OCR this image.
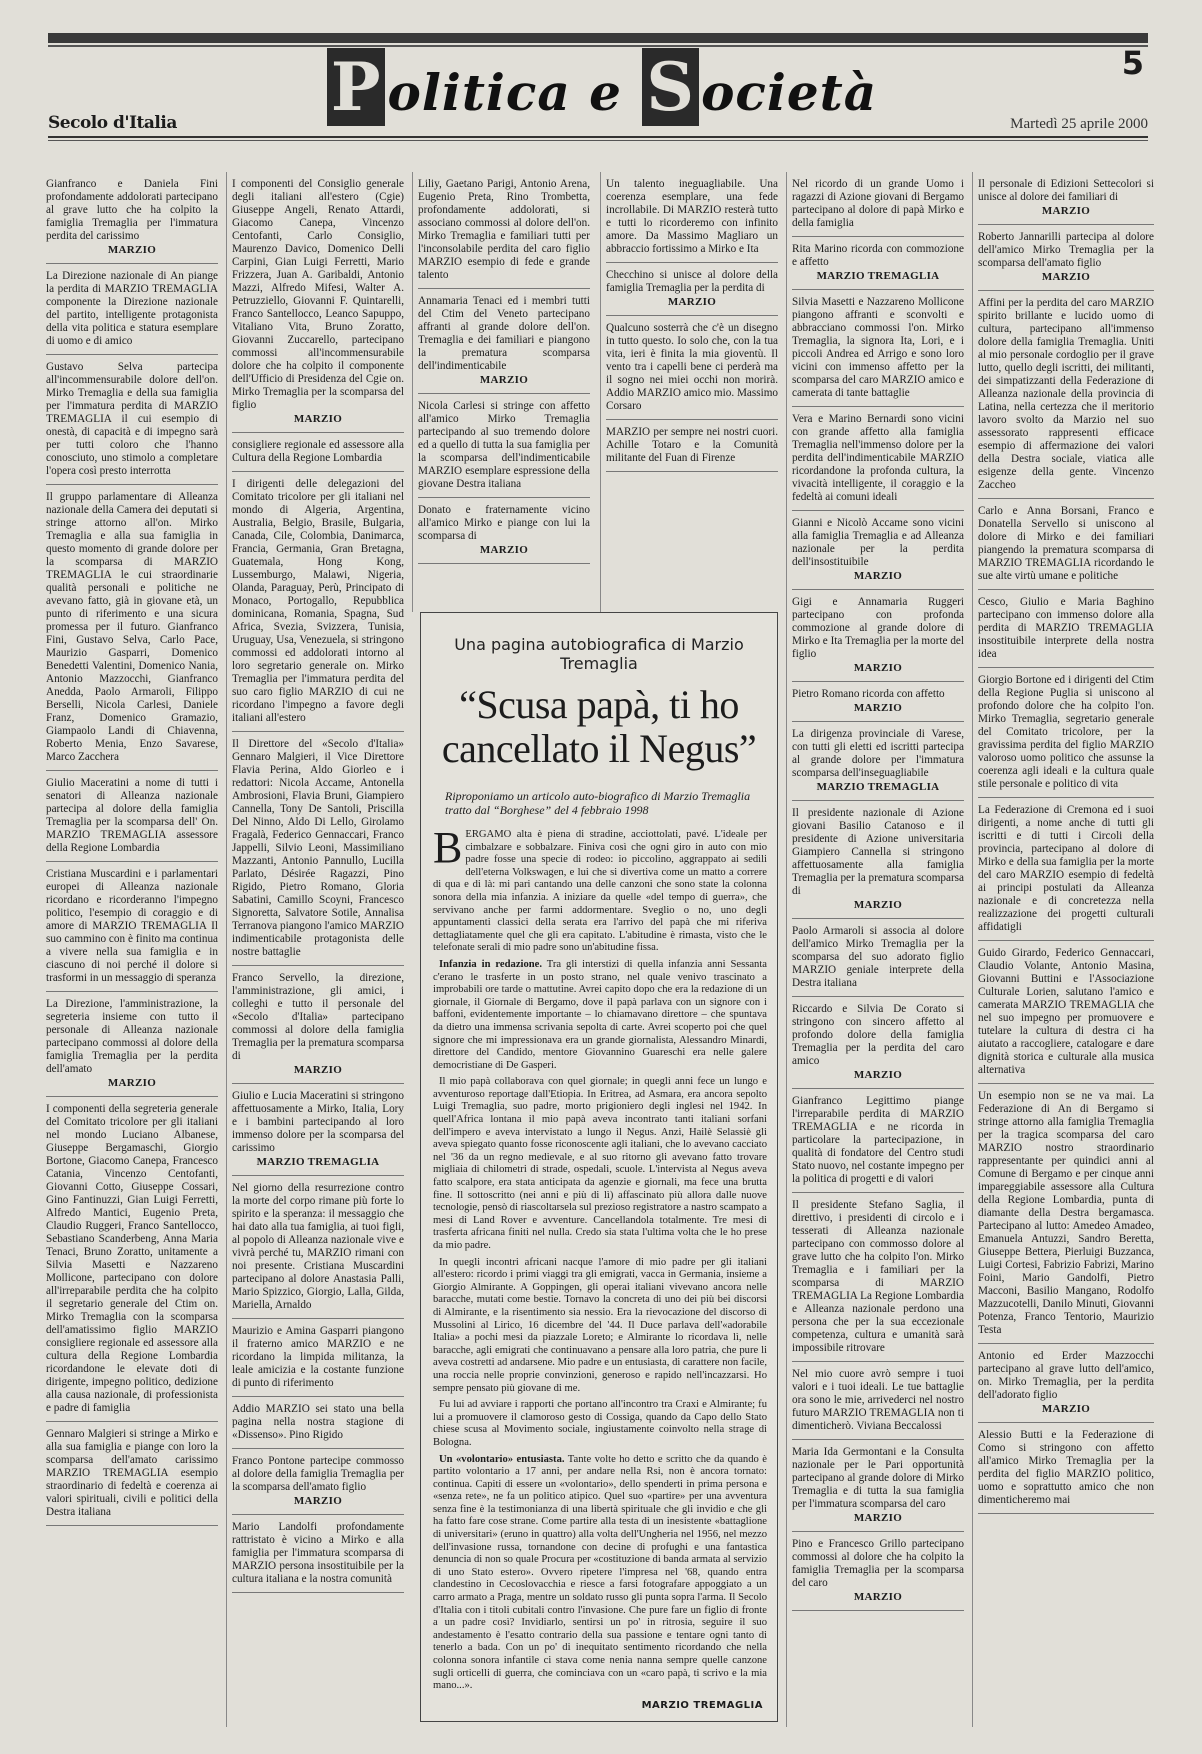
P olitica e S ocietà	5
Secolo d'Italia	Martedì 25 aprile 2000
Gianfranco e Daniela Fini profondamente addolorati partecipano al grave lutto che ha colpito la famiglia Tremaglia per l'immatura perdita del carissimo
MARZIO
La Direzione nazionale di An piange la perdita di MARZIO TREMAGLIA componente la Direzione nazionale del partito, intelligente protagonista della vita politica e statura esemplare di uomo e di amico
Gustavo Selva partecipa all'incommensurabile dolore dell'on. Mirko Tremaglia e della sua famiglia per l'immatura perdita di MARZIO TREMAGLIA il cui esempio di onestà, di capacità e di impegno sarà per tutti coloro che l'hanno conosciuto, uno stimolo a completare l'opera così presto interrotta
Il gruppo parlamentare di Alleanza nazionale della Camera dei deputati si stringe attorno all'on. Mirko Tremaglia e alla sua famiglia in questo momento di grande dolore per la scomparsa di MARZIO TREMAGLIA le cui straordinarie qualità personali e politiche ne avevano fatto, già in giovane età, un punto di riferimento e una sicura promessa per il futuro. Gianfranco Fini, Gustavo Selva, Carlo Pace, Maurizio Gasparri, Domenico Benedetti Valentini, Domenico Nania, Antonio Mazzocchi, Gianfranco Anedda, Paolo Armaroli, Filippo Berselli, Nicola Carlesi, Daniele Franz, Domenico Gramazio, Giampaolo Landi di Chiavenna, Roberto Menia, Enzo Savarese, Marco Zacchera
Giulio Maceratini a nome di tutti i senatori di Alleanza nazionale partecipa al dolore della famiglia Tremaglia per la scomparsa dell' On. MARZIO TREMAGLIA assessore della Regione Lombardia
Cristiana Muscardini e i parlamentari europei di Alleanza nazionale ricordano e ricorderanno l'impegno politico, l'esempio di coraggio e di amore di MARZIO TREMAGLIA Il suo cammino con è finito ma continua a vivere nella sua famiglia e in ciascuno di noi perché il dolore si trasformi in un messaggio di speranza
La Direzione, l'amministrazione, la segreteria insieme con tutto il personale di Alleanza nazionale partecipano commossi al dolore della famiglia Tremaglia per la perdita dell'amato
MARZIO
I componenti della segreteria generale del Comitato tricolore per gli italiani nel mondo Luciano Albanese, Giuseppe Bergamaschi, Giorgio Bortone, Giacomo Canepa, Francesco Catania, Vincenzo Centofanti, Giovanni Cotto, Giuseppe Cossari, Gino Fantinuzzi, Gian Luigi Ferretti, Alfredo Mantici, Eugenio Preta, Claudio Ruggeri, Franco Santellocco, Sebastiano Scanderbeng, Anna Maria Tenaci, Bruno Zoratto, unitamente a Silvia Masetti e Nazzareno Mollicone, partecipano con dolore all'irreparabile perdita che ha colpito il segretario generale del Ctim on. Mirko Tremaglia con la scomparsa dell'amatissimo figlio MARZIO consigliere regionale ed assessore alla cultura della Regione Lombardia ricordandone le elevate doti di dirigente, impegno politico, dedizione alla causa nazionale, di professionista e padre di famiglia
Gennaro Malgieri si stringe a Mirko e alla sua famiglia e piange con loro la scomparsa dell'amato carissimo MARZIO TREMAGLIA esempio straordinario di fedeltà e coerenza ai valori spirituali, civili e politici della Destra italiana
I componenti del Consiglio generale degli italiani all'estero (Cgie) Giuseppe Angeli, Renato Attardi, Giacomo Canepa, Vincenzo Centofanti, Carlo Consiglio, Maurenzo Davico, Domenico Delli Carpini, Gian Luigi Ferretti, Mario Frizzera, Juan A. Garibaldi, Antonio Mazzi, Alfredo Mifesi, Walter A. Petruzziello, Giovanni F. Quintarelli, Franco Santellocco, Leanco Sapuppo, Vitaliano Vita, Bruno Zoratto, Giovanni Zuccarello, partecipano commossi all'incommensurabile dolore che ha colpito il componente dell'Ufficio di Presidenza del Cgie on. Mirko Tremaglia per la scomparsa del figlio
MARZIO
consigliere regionale ed assessore alla Cultura della Regione Lombardia
I dirigenti delle delegazioni del Comitato tricolore per gli italiani nel mondo di Algeria, Argentina, Australia, Belgio, Brasile, Bulgaria, Canada, Cile, Colombia, Danimarca, Francia, Germania, Gran Bretagna, Guatemala, Hong Kong, Lussemburgo, Malawi, Nigeria, Olanda, Paraguay, Perù, Principato di Monaco, Portogallo, Repubblica dominicana, Romania, Spagna, Sud Africa, Svezia, Svizzera, Tunisia, Uruguay, Usa, Venezuela, si stringono commossi ed addolorati intorno al loro segretario generale on. Mirko Tremaglia per l'immatura perdita del suo caro figlio MARZIO di cui ne ricordano l'impegno a favore degli italiani all'estero
Il Direttore del «Secolo d'Italia» Gennaro Malgieri, il Vice Direttore Flavia Perina, Aldo Giorleo e i redattori: Nicola Accame, Antonella Ambrosioni, Flavia Bruni, Giampiero Cannella, Tony De Santoli, Priscilla Del Ninno, Aldo Di Lello, Girolamo Fragalà, Federico Gennaccari, Franco Jappelli, Silvio Leoni, Massimiliano Mazzanti, Antonio Pannullo, Lucilla Parlato, Désirée Ragazzi, Pino Rigido, Pietro Romano, Gloria Sabatini, Camillo Scoyni, Francesco Signoretta, Salvatore Sotile, Annalisa Terranova piangono l'amico MARZIO indimenticabile protagonista delle nostre battaglie
Franco Servello, la direzione, l'amministrazione, gli amici, i colleghi e tutto il personale del «Secolo d'Italia» partecipano commossi al dolore della famiglia Tremaglia per la prematura scomparsa di
MARZIO
Giulio e Lucia Maceratini si stringono affettuosamente a Mirko, Italia, Lory e i bambini partecipando al loro immenso dolore per la scomparsa del carissimo
MARZIO TREMAGLIA
Nel giorno della resurrezione contro la morte del corpo rimane più forte lo spirito e la speranza: il messaggio che hai dato alla tua famiglia, ai tuoi figli, al popolo di Alleanza nazionale vive e vivrà perché tu, MARZIO rimani con noi presente. Cristiana Muscardini partecipano al dolore Anastasia Palli, Mario Spizzico, Giorgio, Lalla, Gilda, Mariella, Arnaldo
Maurizio e Amina Gasparri piangono il fraterno amico MARZIO e ne ricordano la limpida militanza, la leale amicizia e la costante funzione di punto di riferimento
Addio MARZIO sei stato una bella pagina nella nostra stagione di «Dissenso». Pino Rigido
Franco Pontone partecipe commosso al dolore della famiglia Tremaglia per la scomparsa dell'amato figlio
MARZIO
Mario Landolfi profondamente rattristato è vicino a Mirko e alla famiglia per l'immatura scomparsa di MARZIO persona insostituibile per la cultura italiana e la nostra comunità
Liliy, Gaetano Parigi, Antonio Arena, Eugenio Preta, Rino Trombetta, profondamente addolorati, si associano commossi al dolore dell'on. Mirko Tremaglia e familiari tutti per l'inconsolabile perdita del caro figlio MARZIO esempio di fede e grande talento
Annamaria Tenaci ed i membri tutti del Ctim del Veneto partecipano affranti al grande dolore dell'on. Tremaglia e dei familiari e piangono la prematura scomparsa dell'indimenticabile
MARZIO
Nicola Carlesi si stringe con affetto all'amico Mirko Tremaglia partecipando al suo tremendo dolore ed a quello di tutta la sua famiglia per la scomparsa dell'indimenticabile MARZIO esemplare espressione della giovane Destra italiana
Donato e fraternamente vicino all'amico Mirko e piange con lui la scomparsa di
MARZIO
Un talento ineguagliabile. Una coerenza esemplare, una fede incrollabile. Di MARZIO resterà tutto e tutti lo ricorderemo con infinito amore. Da Massimo Magliaro un abbraccio fortissimo a Mirko e Ita
Checchino si unisce al dolore della famiglia Tremaglia per la perdita di
MARZIO
Qualcuno sosterrà che c'è un disegno in tutto questo. Io solo che, con la tua vita, ieri è finita la mia gioventù. Il vento tra i capelli bene ci perderà ma il sogno nei miei occhi non morirà. Addio MARZIO amico mio. Massimo Corsaro
MARZIO per sempre nei nostri cuori. Achille Totaro e la Comunità militante del Fuan di Firenze
Nel ricordo di un grande Uomo i ragazzi di Azione giovani di Bergamo partecipano al dolore di papà Mirko e della famiglia
Rita Marino ricorda con commozione e affetto
MARZIO TREMAGLIA
Silvia Masetti e Nazzareno Mollicone piangono affranti e sconvolti e abbracciano commossi l'on. Mirko Tremaglia, la signora Ita, Lori, e i piccoli Andrea ed Arrigo e sono loro vicini con immenso affetto per la scomparsa del caro MARZIO amico e camerata di tante battaglie
Vera e Marino Bernardi sono vicini con grande affetto alla famiglia Tremaglia nell'immenso dolore per la perdita dell'indimenticabile MARZIO ricordandone la profonda cultura, la vivacità intelligente, il coraggio e la fedeltà ai comuni ideali
Gianni e Nicolò Accame sono vicini alla famiglia Tremaglia e ad Alleanza nazionale per la perdita dell'insostituibile
MARZIO
Gigi e Annamaria Ruggeri partecipano con profonda commozione al grande dolore di Mirko e Ita Tremaglia per la morte del figlio
MARZIO
Pietro Romano ricorda con affetto
MARZIO
La dirigenza provinciale di Varese, con tutti gli eletti ed iscritti partecipa al grande dolore per l'immatura scomparsa dell'inseguagliabile
MARZIO TREMAGLIA
Il presidente nazionale di Azione giovani Basilio Catanoso e il presidente di Azione universitaria Giampiero Cannella si stringono affettuosamente alla famiglia Tremaglia per la prematura scomparsa di
MARZIO
Paolo Armaroli si associa al dolore dell'amico Mirko Tremaglia per la scomparsa del suo adorato figlio MARZIO geniale interprete della Destra italiana
Riccardo e Silvia De Corato si stringono con sincero affetto al profondo dolore della famiglia Tremaglia per la perdita del caro amico
MARZIO
Gianfranco Legittimo piange l'irreparabile perdita di MARZIO TREMAGLIA e ne ricorda in particolare la partecipazione, in qualità di fondatore del Centro studi Stato nuovo, nel costante impegno per la politica di progetti e di valori
Il presidente Stefano Saglia, il direttivo, i presidenti di circolo e i tesserati di Alleanza nazionale partecipano con commosso dolore al grave lutto che ha colpito l'on. Mirko Tremaglia e i familiari per la scomparsa di MARZIO TREMAGLIA La Regione Lombardia e Alleanza nazionale perdono una persona che per la sua eccezionale competenza, cultura e umanità sarà impossibile ritrovare
Nel mio cuore avrò sempre i tuoi valori e i tuoi ideali. Le tue battaglie ora sono le mie, arrivederci nel nostro futuro MARZIO TREMAGLIA non ti dimenticherò. Viviana Beccalossi
Maria Ida Germontani e la Consulta nazionale per le Pari opportunità partecipano al grande dolore di Mirko Tremaglia e di tutta la sua famiglia per l'immatura scomparsa del caro
MARZIO
Pino e Francesco Grillo partecipano commossi al dolore che ha colpito la famiglia Tremaglia per la scomparsa del caro
MARZIO
Il personale di Edizioni Settecolori si unisce al dolore dei familiari di
MARZIO
Roberto Jannarilli partecipa al dolore dell'amico Mirko Tremaglia per la scomparsa dell'amato figlio
MARZIO
Affini per la perdita del caro MARZIO spirito brillante e lucido uomo di cultura, partecipano all'immenso dolore della famiglia Tremaglia. Uniti al mio personale cordoglio per il grave lutto, quello degli iscritti, dei militanti, dei simpatizzanti della Federazione di Alleanza nazionale della provincia di Latina, nella certezza che il meritorio lavoro svolto da Marzio nel suo assessorato rappresenti efficace esempio di affermazione dei valori della Destra sociale, viatica alle esigenze della gente. Vincenzo Zaccheo
Carlo e Anna Borsani, Franco e Donatella Servello si uniscono al dolore di Mirko e dei familiari piangendo la prematura scomparsa di MARZIO TREMAGLIA ricordando le sue alte virtù umane e politiche
Cesco, Giulio e Maria Baghino partecipano con immenso dolore alla perdita di MARZIO TREMAGLIA insostituibile interprete della nostra idea
Giorgio Bortone ed i dirigenti del Ctim della Regione Puglia si uniscono al profondo dolore che ha colpito l'on. Mirko Tremaglia, segretario generale del Comitato tricolore, per la gravissima perdita del figlio MARZIO valoroso uomo politico che assunse la coerenza agli ideali e la cultura quale stile personale e politico di vita
La Federazione di Cremona ed i suoi dirigenti, a nome anche di tutti gli iscritti e di tutti i Circoli della provincia, partecipano al dolore di Mirko e della sua famiglia per la morte del caro MARZIO esempio di fedeltà ai principi postulati da Alleanza nazionale e di concretezza nella realizzazione dei progetti culturali affidatigli
Guido Girardo, Federico Gennaccari, Claudio Volante, Antonio Masina, Giovanni Buttini e l'Associazione Culturale Lorien, salutano l'amico e camerata MARZIO TREMAGLIA che nel suo impegno per promuovere e tutelare la cultura di destra ci ha aiutato a raccogliere, catalogare e dare dignità storica e culturale alla musica alternativa
Un esempio non se ne va mai. La Federazione di An di Bergamo si stringe attorno alla famiglia Tremaglia per la tragica scomparsa del caro MARZIO nostro straordinario rappresentante per quindici anni al Comune di Bergamo e per cinque anni impareggiabile assessore alla Cultura della Regione Lombardia, punta di diamante della Destra bergamasca. Partecipano al lutto: Amedeo Amadeo, Emanuela Antuzzi, Sandro Beretta, Giuseppe Bettera, Pierluigi Buzzanca, Luigi Cortesi, Fabrizio Fabrizi, Marino Foini, Mario Gandolfi, Pietro Macconi, Basilio Mangano, Rodolfo Mazzucotelli, Danilo Minuti, Giovanni Potenza, Franco Tentorio, Maurizio Testa
Antonio ed Erder Mazzocchi partecipano al grave lutto dell'amico, on. Mirko Tremaglia, per la perdita dell'adorato figlio
MARZIO
Alessio Butti e la Federazione di Como si stringono con affetto all'amico Mirko Tremaglia per la perdita del figlio MARZIO politico, uomo e soprattutto amico che non dimenticheremo mai
Una pagina autobiografica di Marzio Tremaglia
“Scusa papà, ti ho cancellato il Negus”
Riproponiamo un articolo auto-biografico di Marzio Tremaglia tratto dal “Borghese” del 4 febbraio 1998

BERGAMO alta è piena di stradine, acciottolati, pavé. L'ideale per cimbalzare e sobbalzare. Finiva così che ogni giro in auto con mio padre fosse una specie di rodeo: io piccolino, aggrappato ai sedili dell'eterna Volkswagen, e lui che si divertiva come un matto a correre di qua e di là: mi pari cantando una delle canzoni che sono state la colonna sonora della mia infanzia. A iniziare da quelle «del tempo di guerra», che servivano anche per farmi addormentare. Sveglio o no, uno degli appuntamenti classici della serata era l'arrivo del papà che mi riferiva dettagliatamente quel che gli era capitato. L'abitudine è rimasta, visto che le telefonate serali di mio padre sono un'abitudine fissa.

Infanzia in redazione. Tra gli interstizi di quella infanzia anni Sessanta c'erano le trasferte in un posto strano, nel quale venivo trascinato a improbabili ore tarde o mattutine. Avrei capito dopo che era la redazione di un giornale, il Giornale di Bergamo, dove il papà parlava con un signore con i baffoni, evidentemente importante – lo chiamavano direttore – che spuntava da dietro una immensa scrivania sepolta di carte. Avrei scoperto poi che quel signore che mi impressionava era un grande giornalista, Alessandro Minardi, direttore del Candido, mentore Giovannino Guareschi era nelle galere democristiane di De Gasperi.

Il mio papà collaborava con quel giornale; in quegli anni fece un lungo e avventuroso reportage dall'Etiopia. In Eritrea, ad Asmara, era ancora sepolto Luigi Tremaglia, suo padre, morto prigioniero degli inglesi nel 1942. In quell'Africa lontana il mio papà aveva incontrato tanti italiani sorfani dell'impero e aveva intervistato a lungo il Negus. Anzi, Hailè Selassiè gli aveva spiegato quanto fosse riconoscente agli italiani, che lo avevano cacciato nel '36 da un regno medievale, e al suo ritorno gli avevano fatto trovare migliaia di chilometri di strade, ospedali, scuole. L'intervista al Negus aveva fatto scalpore, era stata anticipata da agenzie e giornali, ma fece una brutta fine. Il sottoscritto (nei anni e più di lì) affascinato più allora dalle nuove tecnologie, pensò di riascoltarsela sul prezioso registratore a nastro scampato a mesi di Land Rover e avventure. Cancellandola totalmente. Tre mesi di trasferta africana finiti nel nulla. Credo sia stata l'ultima volta che le ho prese da mio padre.

In quegli incontri africani nacque l'amore di mio padre per gli italiani all'estero: ricordo i primi viaggi tra gli emigrati, vacca in Germania, insieme a Giorgio Almirante. A Goppingen, gli operai italiani vivevano ancora nelle baracche, mutati come bestie. Tornavo la concreta di uno dei più bei discorsi di Almirante, e la risentimento sia nessio. Era la rievocazione del discorso di Mussolini al Lirico, 16 dicembre del '44. Il Duce parlava dell'«adorabile Italia» a pochi mesi da piazzale Loreto; e Almirante lo ricordava lì, nelle baracche, agli emigrati che continuavano a pensare alla loro patria, che pure li aveva costretti ad andarsene. Mio padre e un entusiasta, di carattere non facile, una roccia nelle proprie convinzioni, generoso e rapido nell'incazzarsi. Ho sempre pensato più giovane di me.

Fu lui ad avviare i rapporti che portano all'incontro tra Craxi e Almirante; fu lui a promuovere il clamoroso gesto di Cossiga, quando da Capo dello Stato chiese scusa al Movimento sociale, ingiustamente coinvolto nella strage di Bologna.

Un «volontario» entusiasta. Tante volte ho detto e scritto che da quando è partito volontario a 17 anni, per andare nella Rsi, non è ancora tornato: continua. Capiti di essere un «volontario», dello spenderti in prima persona e «senza rete», ne fa un politico atipico. Quel suo «partire» per una avventura senza fine è la testimonianza di una libertà spirituale che gli invidio e che gli ha fatto fare cose strane. Come partire alla testa di un inesistente «battaglione di universitari» (eruno in quattro) alla volta dell'Ungheria nel 1956, nel mezzo dell'invasione russa, tornandone con decine di profughi e una fantastica denuncia di non so quale Procura per «costituzione di banda armata al servizio di uno Stato estero». Ovvero ripetere l'impresa nel '68, quando entra clandestino in Cecoslovacchia e riesce a farsi fotografare appoggiato a un carro armato a Praga, mentre un soldato russo gli punta sopra l'arma. Il Secolo d'Italia con i titoli cubitali contro l'invasione. Che pure fare un figlio di fronte a un padre così? Invidiarlo, sentirsi un po' in ritrosia, seguire il suo andestamento è l'esatto contrario della sua passione e tentare ogni tanto di tenerlo a bada. Con un po' di inequitato sentimento ricordando che nella colonna sonora infantile ci stava come nenia nanna sempre quelle canzone sugli orticelli di guerra, che cominciava con un «caro papà, ti scrivo e la mia mano...».

MARZIO TREMAGLIA
